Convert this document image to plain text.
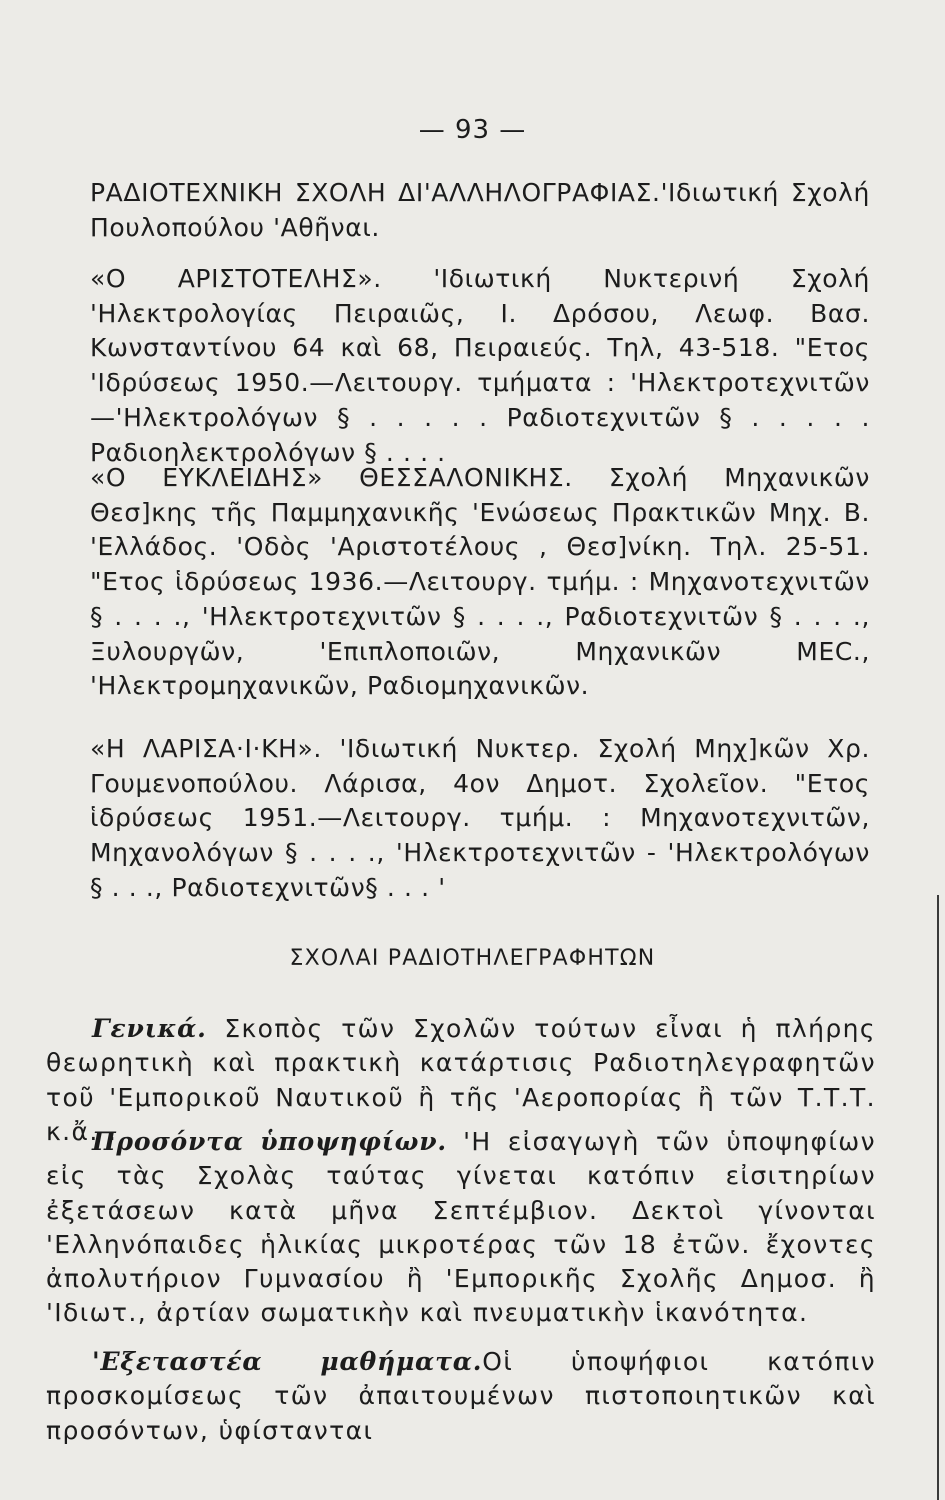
— 93 —

ΡΑΔΙΟΤΕΧΝΙΚΗ ΣΧΟΛΗ ΔΙ'ΑΛΛΗΛΟΓΡΑΦΙΑΣ.'Ιδιωτική Σχολή Πουλοπούλου 'Αθῆναι.

«Ο ΑΡΙΣΤΟΤΕΛΗΣ». 'Ιδιωτική Νυκτερινή Σχολή 'Ηλεκτρολογίας Πειραιῶς, Ι. Δρόσου, Λεωφ. Βασ. Κωνσταντίνου 64 καὶ 68, Πειραιεύς. Τηλ, 43-518. "Ετος 'Ιδρύσεως 1950.—Λειτουργ. τμήματα : 'Ηλεκτροτεχνιτῶν—'Ηλεκτρολόγων § . . . . . Ραδιοτεχνιτῶν § . . . . . Ραδιοηλεκτρολόγων § . . . .

«Ο ΕΥΚΛΕΙΔΗΣ» ΘΕΣΣΑΛΟΝΙΚΗΣ. Σχολή Μηχανικῶν Θεσ]κης τῆς Παμμηχανικῆς 'Ενώσεως Πρακτικῶν Μηχ. Β. 'Ελλάδος. 'Οδὸς 'Αριστοτέλους , Θεσ]νίκη. Τηλ. 25-51. "Ετος ἱδρύσεως 1936.—Λειτουργ. τμήμ. : Μηχανοτεχνιτῶν § . . . ., 'Ηλεκτροτεχνιτῶν § . . . ., Ραδιοτεχνιτῶν § . . . ., Ξυλουργῶν, 'Επιπλοποιῶν, Μηχανικῶν ΜΕC., 'Ηλεκτρομηχανικῶν, Ραδιομηχανικῶν.

«Η ΛΑΡΙΣΑ·Ι·ΚΗ». 'Ιδιωτική Νυκτερ. Σχολή Μηχ]κῶν Χρ. Γουμενοπούλου. Λάρισα, 4ον Δημοτ. Σχολεῖον. "Ετος ἱδρύσεως 1951.—Λειτουργ. τμήμ. : Μηχανοτεχνιτῶν, Μηχανολόγων § . . . ., 'Ηλεκτροτεχνιτῶν - 'Ηλεκτρολόγων § . . ., Ραδιοτεχνιτῶν§ . . . '

ΣΧΟΛΑΙ ΡΑΔΙΟΤΗΛΕΓΡΑΦΗΤΩΝ

Γενικά. Σκοπὸς τῶν Σχολῶν τούτων εἶναι ἡ πλήρης θεωρητικὴ καὶ πρακτικὴ κατάρτισις Ραδιοτηλεγραφητῶν τοῦ 'Εμπορικοῦ Ναυτικοῦ ἢ τῆς 'Αεροπορίας ἢ τῶν Τ.Τ.Τ. κ.ἄ. .

Προσόντα ὑποψηφίων. 'Η εἰσαγωγὴ τῶν ὑποψηφίων εἰς τὰς Σχολὰς ταύτας γίνεται κατόπιν εἰσιτηρίων ἐξετάσεων κατὰ μῆνα Σεπτέμβιον. Δεκτοὶ γίνονται 'Ελληνόπαιδες ἡλικίας μικροτέρας τῶν 18 ἐτῶν. ἔχοντες ἀπολυτήριον Γυμνασίου ἢ 'Εμπορικῆς Σχολῆς Δημοσ. ἢ 'Ιδιωτ., ἀρτίαν σωματικὴν καὶ πνευματικὴν ἱκανότητα.

'Εξεταστέα μαθήματα.Οἱ ὑποψήφιοι κατόπιν προσκομίσεως τῶν ἀπαιτουμένων πιστοποιητικῶν καὶ προσόντων, ὑφίστανται
